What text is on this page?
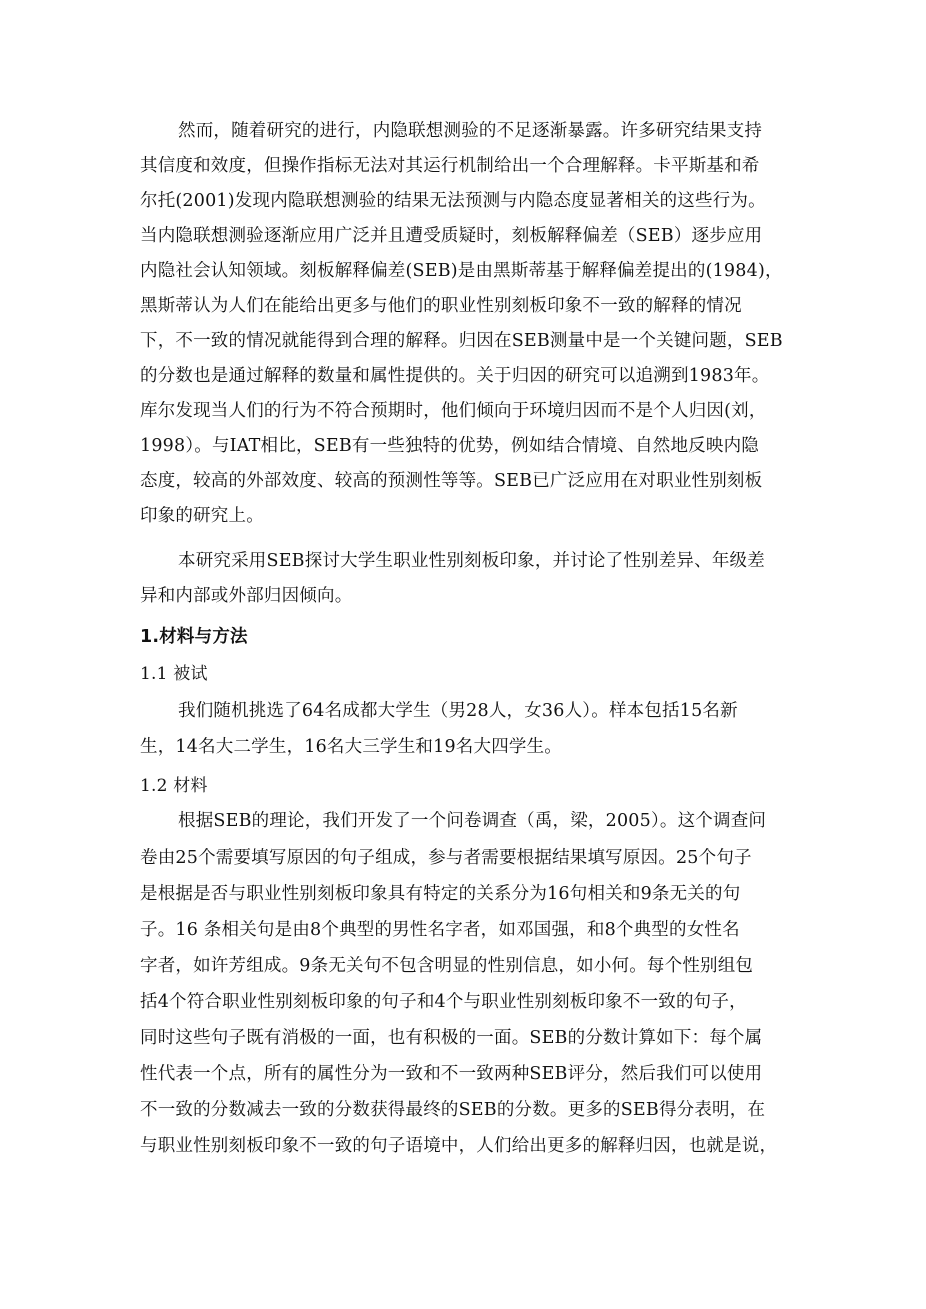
然而，随着研究的进行，内隐联想测验的不足逐渐暴露。许多研究结果支持
其信度和效度，但操作指标无法对其运行机制给出一个合理解释。卡平斯基和希
尔托(2001)发现内隐联想测验的结果无法预测与内隐态度显著相关的这些行为。
当内隐联想测验逐渐应用广泛并且遭受质疑时，刻板解释偏差（SEB）逐步应用
内隐社会认知领域。刻板解释偏差(SEB)是由黑斯蒂基于解释偏差提出的(1984)，
黑斯蒂认为人们在能给出更多与他们的职业性别刻板印象不一致的解释的情况
下，不一致的情况就能得到合理的解释。归因在SEB测量中是一个关键问题，SEB
的分数也是通过解释的数量和属性提供的。关于归因的研究可以追溯到1983年。
库尔发现当人们的行为不符合预期时，他们倾向于环境归因而不是个人归因(刘，
1998）。与IAT相比，SEB有一些独特的优势，例如结合情境、自然地反映内隐
态度，较高的外部效度、较高的预测性等等。SEB已广泛应用在对职业性别刻板
印象的研究上。
本研究采用SEB探讨大学生职业性别刻板印象，并讨论了性别差异、年级差
异和内部或外部归因倾向。
1.材料与方法
1.1 被试
我们随机挑选了64名成都大学生（男28人，女36人）。样本包括15名新
生，14名大二学生，16名大三学生和19名大四学生。
1.2 材料
根据SEB的理论，我们开发了一个问卷调查（禹，梁，2005）。这个调查问
卷由25个需要填写原因的句子组成，参与者需要根据结果填写原因。25个句子
是根据是否与职业性别刻板印象具有特定的关系分为16句相关和9条无关的句
子。16 条相关句是由8个典型的男性名字者，如邓国强，和8个典型的女性名
字者，如许芳组成。9条无关句不包含明显的性别信息，如小何。每个性别组包
括4个符合职业性别刻板印象的句子和4个与职业性别刻板印象不一致的句子，
同时这些句子既有消极的一面，也有积极的一面。SEB的分数计算如下：每个属
性代表一个点，所有的属性分为一致和不一致两种SEB评分，然后我们可以使用
不一致的分数减去一致的分数获得最终的SEB的分数。更多的SEB得分表明，在
与职业性别刻板印象不一致的句子语境中，人们给出更多的解释归因，也就是说，
